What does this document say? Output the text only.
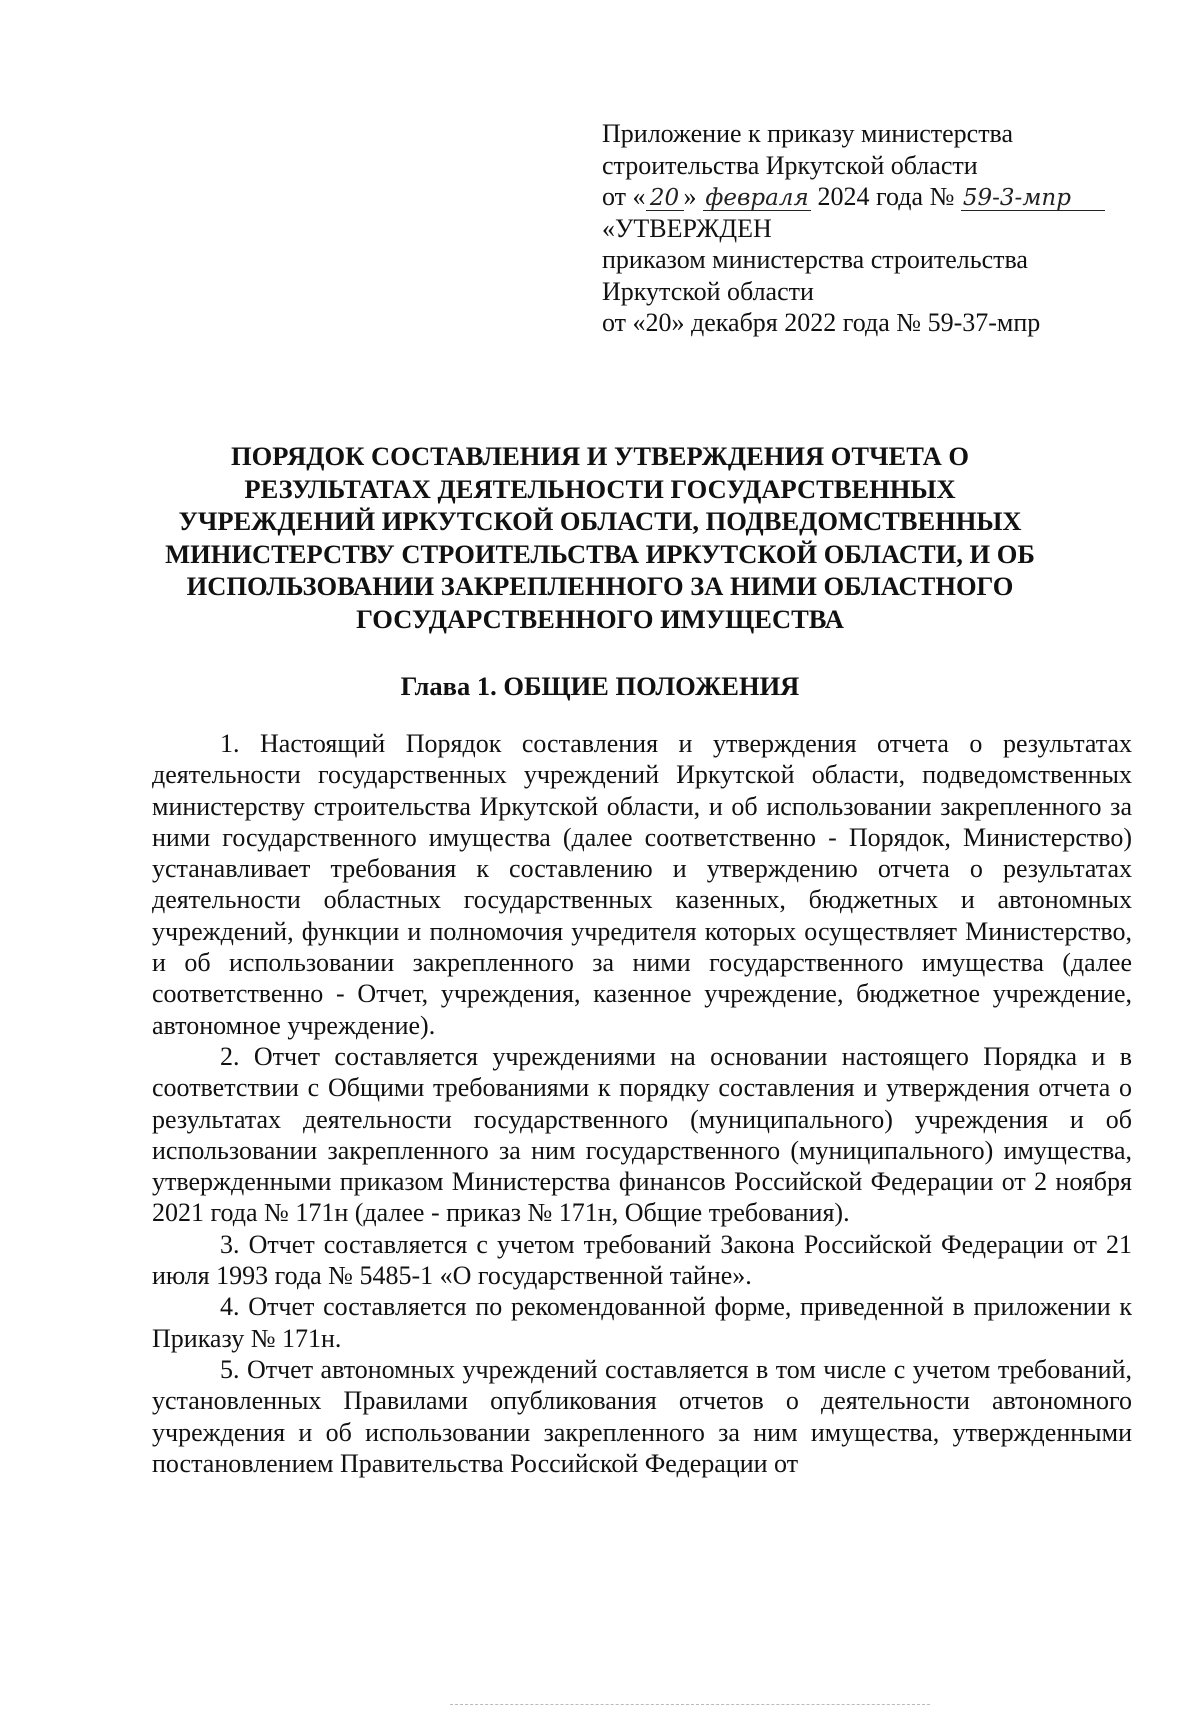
Приложение к приказу министерства
строительства Иркутской области
от « 20 » февраля 2024 года № 59-3-мпр
«УТВЕРЖДЕН
приказом министерства строительства
Иркутской области
от «20» декабря 2022 года № 59-37-мпр
ПОРЯДОК СОСТАВЛЕНИЯ И УТВЕРЖДЕНИЯ ОТЧЕТА О
РЕЗУЛЬТАТАХ ДЕЯТЕЛЬНОСТИ ГОСУДАРСТВЕННЫХ
УЧРЕЖДЕНИЙ ИРКУТСКОЙ ОБЛАСТИ, ПОДВЕДОМСТВЕННЫХ
МИНИСТЕРСТВУ СТРОИТЕЛЬСТВА ИРКУТСКОЙ ОБЛАСТИ, И ОБ
ИСПОЛЬЗОВАНИИ ЗАКРЕПЛЕННОГО ЗА НИМИ ОБЛАСТНОГО
ГОСУДАРСТВЕННОГО ИМУЩЕСТВА
Глава 1. ОБЩИЕ ПОЛОЖЕНИЯ

1. Настоящий Порядок составления и утверждения отчета о результатах деятельности государственных учреждений Иркутской области, подведомственных министерству строительства Иркутской области, и об использовании закрепленного за ними государственного имущества (далее соответственно - Порядок, Министерство) устанавливает требования к составлению и утверждению отчета о результатах деятельности областных государственных казенных, бюджетных и автономных учреждений, функции и полномочия учредителя которых осуществляет Министерство, и об использовании закрепленного за ними государственного имущества (далее соответственно - Отчет, учреждения, казенное учреждение, бюджетное учреждение, автономное учреждение).

2. Отчет составляется учреждениями на основании настоящего Порядка и в соответствии с Общими требованиями к порядку составления и утверждения отчета о результатах деятельности государственного (муниципального) учреждения и об использовании закрепленного за ним государственного (муниципального) имущества, утвержденными приказом Министерства финансов Российской Федерации от 2 ноября 2021 года № 171н (далее - приказ № 171н, Общие требования).

3. Отчет составляется с учетом требований Закона Российской Федерации от 21 июля 1993 года № 5485-1 «О государственной тайне».

4. Отчет составляется по рекомендованной форме, приведенной в приложении к Приказу № 171н.

5. Отчет автономных учреждений составляется в том числе с учетом требований, установленных Правилами опубликования отчетов о деятельности автономного учреждения и об использовании закрепленного за ним имущества, утвержденными постановлением Правительства Российской Федерации от
